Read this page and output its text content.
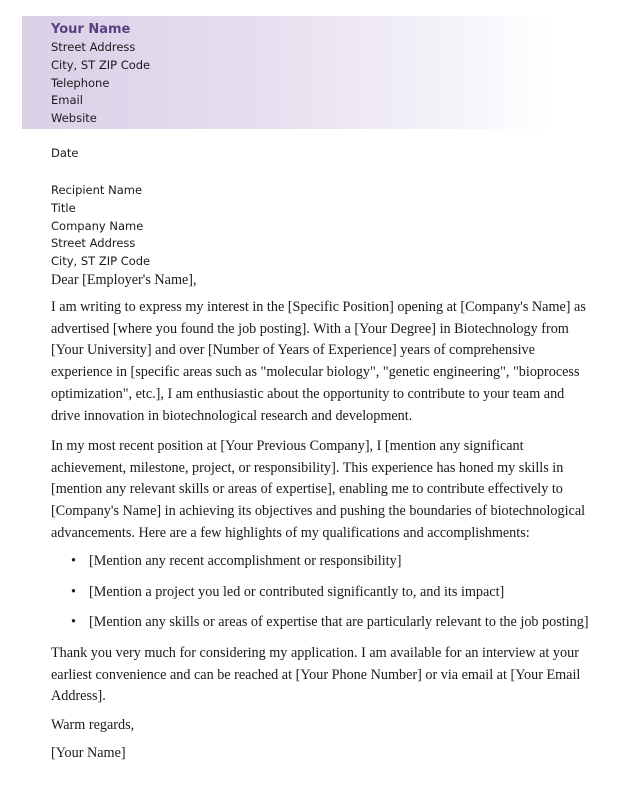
Your Name
Street Address
City, ST ZIP Code
Telephone
Email
Website
Date
Recipient Name
Title
Company Name
Street Address
City, ST ZIP Code

Dear [Employer's Name],

I am writing to express my interest in the [Specific Position] opening at [Company's Name] as advertised [where you found the job posting]. With a [Your Degree] in Biotechnology from [Your University] and over [Number of Years of Experience] years of comprehensive experience in [specific areas such as "molecular biology", "genetic engineering", "bioprocess optimization", etc.], I am enthusiastic about the opportunity to contribute to your team and drive innovation in biotechnological research and development.

In my most recent position at [Your Previous Company], I [mention any significant achievement, milestone, project, or responsibility]. This experience has honed my skills in [mention any relevant skills or areas of expertise], enabling me to contribute effectively to [Company's Name] in achieving its objectives and pushing the boundaries of biotechnological advancements. Here are a few highlights of my qualifications and accomplishments:

• [Mention any recent accomplishment or responsibility]
• [Mention a project you led or contributed significantly to, and its impact]
• [Mention any skills or areas of expertise that are particularly relevant to the job posting]

Thank you very much for considering my application. I am available for an interview at your earliest convenience and can be reached at [Your Phone Number] or via email at [Your Email Address].

Warm regards,

[Your Name]
